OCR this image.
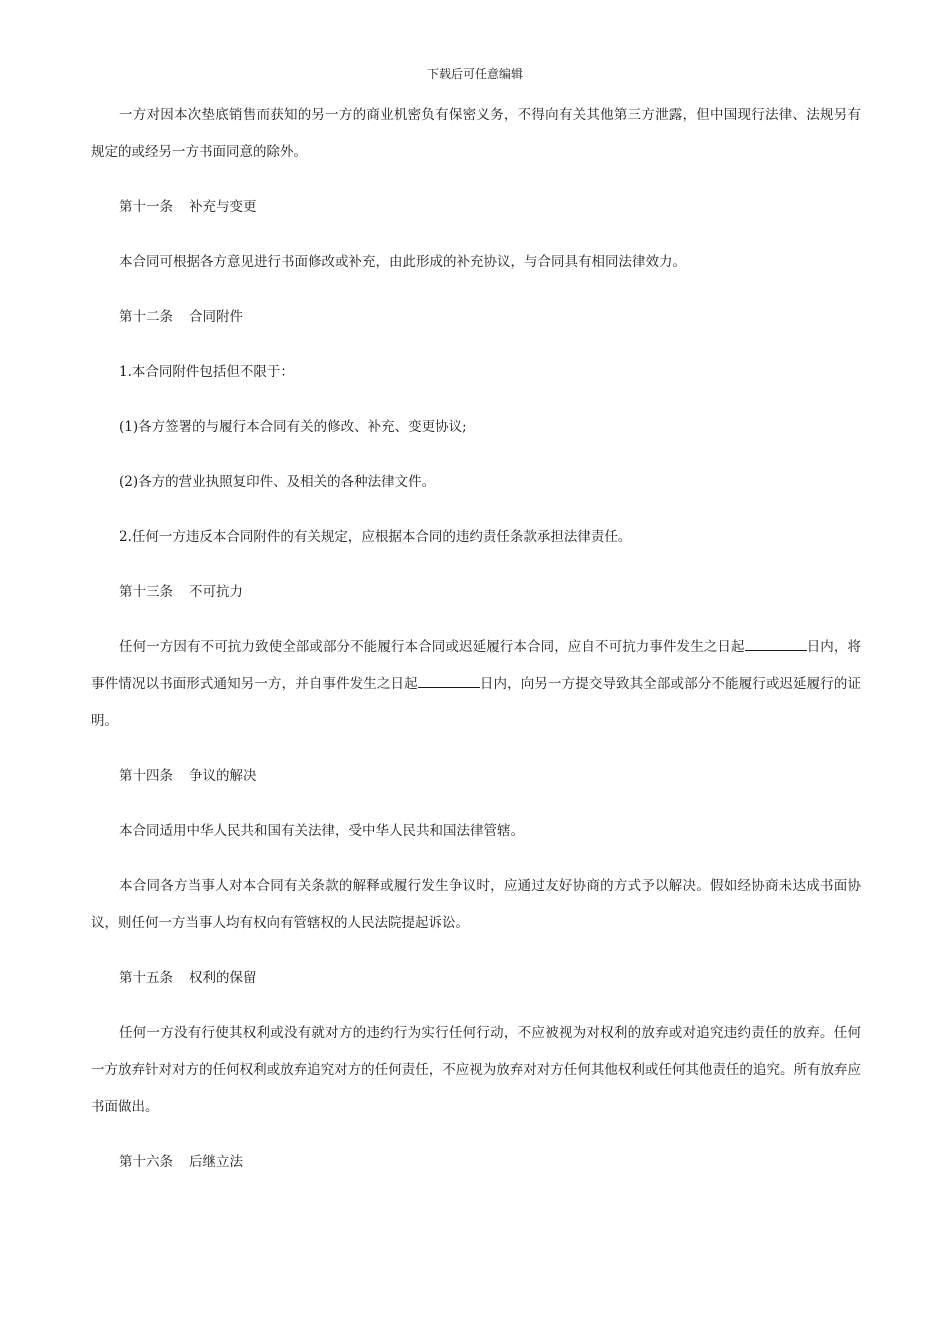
下载后可任意编辑

一方对因本次垫底销售而获知的另一方的商业机密负有保密义务，不得向有关其他第三方泄露，但中国现行法律、法规另有规定的或经另一方书面同意的除外。

第十一条 补充与变更

本合同可根据各方意见进行书面修改或补充，由此形成的补充协议，与合同具有相同法律效力。

第十二条 合同附件

1.本合同附件包括但不限于：

(1)各方签署的与履行本合同有关的修改、补充、变更协议;

(2)各方的营业执照复印件、及相关的各种法律文件。

2.任何一方违反本合同附件的有关规定，应根据本合同的违约责任条款承担法律责任。

第十三条 不可抗力

任何一方因有不可抗力致使全部或部分不能履行本合同或迟延履行本合同，应自不可抗力事件发生之日起	日内，将事件情况以书面形式通知另一方，并自事件发生之日起	日内，向另一方提交导致其全部或部分不能履行或迟延履行的证明。

第十四条 争议的解决

本合同适用中华人民共和国有关法律，受中华人民共和国法律管辖。

本合同各方当事人对本合同有关条款的解释或履行发生争议时，应通过友好协商的方式予以解决。假如经协商未达成书面协议，则任何一方当事人均有权向有管辖权的人民法院提起诉讼。

第十五条 权利的保留

任何一方没有行使其权利或没有就对方的违约行为实行任何行动，不应被视为对权利的放弃或对追究违约责任的放弃。任何一方放弃针对对方的任何权利或放弃追究对方的任何责任，不应视为放弃对对方任何其他权利或任何其他责任的追究。所有放弃应书面做出。

第十六条 后继立法
